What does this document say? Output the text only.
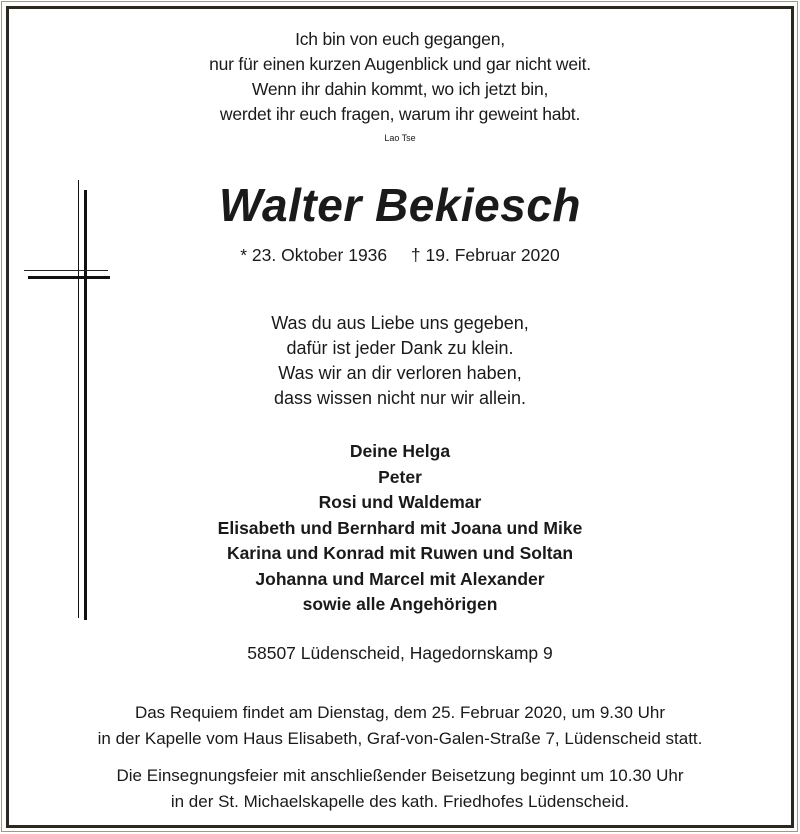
Ich bin von euch gegangen,
nur für einen kurzen Augenblick und gar nicht weit.
Wenn ihr dahin kommt, wo ich jetzt bin,
werdet ihr euch fragen, warum ihr geweint habt.
Lao Tse
Walter Bekiesch
* 23. Oktober 1936 † 19. Februar 2020
Was du aus Liebe uns gegeben,
dafür ist jeder Dank zu klein.
Was wir an dir verloren haben,
dass wissen nicht nur wir allein.
Deine Helga
Peter
Rosi und Waldemar
Elisabeth und Bernhard mit Joana und Mike
Karina und Konrad mit Ruwen und Soltan
Johanna und Marcel mit Alexander
sowie alle Angehörigen
58507 Lüdenscheid, Hagedornskamp 9
Das Requiem findet am Dienstag, dem 25. Februar 2020, um 9.30 Uhr
in der Kapelle vom Haus Elisabeth, Graf-von-Galen-Straße 7, Lüdenscheid statt.
Die Einsegnungsfeier mit anschließender Beisetzung beginnt um 10.30 Uhr
in der St. Michaelskapelle des kath. Friedhofes Lüdenscheid.
